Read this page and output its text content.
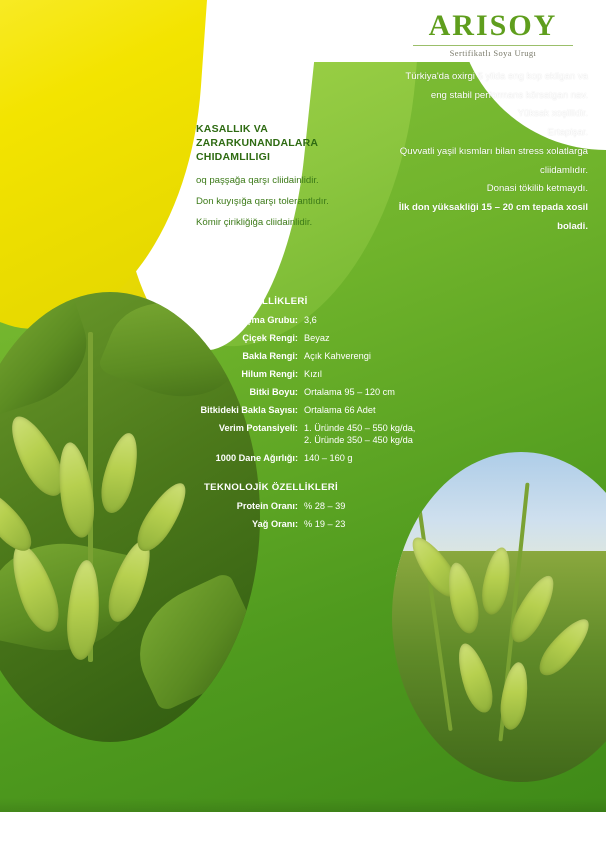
ARISOY
Sertifikatlı Soya Urugı
Türkiya'da oxirgi 5 yilda eng kop ekilgan va
eng stabil performans körsatgan nav.
Yüksak xoşillidir.
Ertapişar.
Quvvatli yaşil kısmları bilan stress xolatlarga
cliidamlıdır.
Donasi tökilib ketmaydı.
İlk don yüksakliği 15 – 20 cm tepada xosil
boladi.
KASALLIK VA
ZARARKUNANDALARA
CHIDAMLILIGI
oq paşşağa qarşı cliidainlidir.
Don kuyışığa qarşı tolerantlıdır.
Kömir çirikliğiğa cliidainlidir.
GENEL ÖZELLİKLERİ
Olgunlaşma Grubu: 3,6
Çiçek Rengi: Beyaz
Bakla Rengi: Açık Kahverengi
Hilum Rengi: Kızıl
Bitki Boyu: Ortalama 95 – 120 cm
Bitkideki Bakla Sayısı: Ortalama 66 Adet
Verim Potansiyeli: 1. Üründe 450 – 550 kg/da,
2. Üründe 350 – 450 kg/da
1000 Dane Ağırlığı: 140 – 160 g
TEKNOLOJİK ÖZELLİKLERİ
Protein Oranı: % 28 – 39
Yağ Oranı: % 19 – 23
